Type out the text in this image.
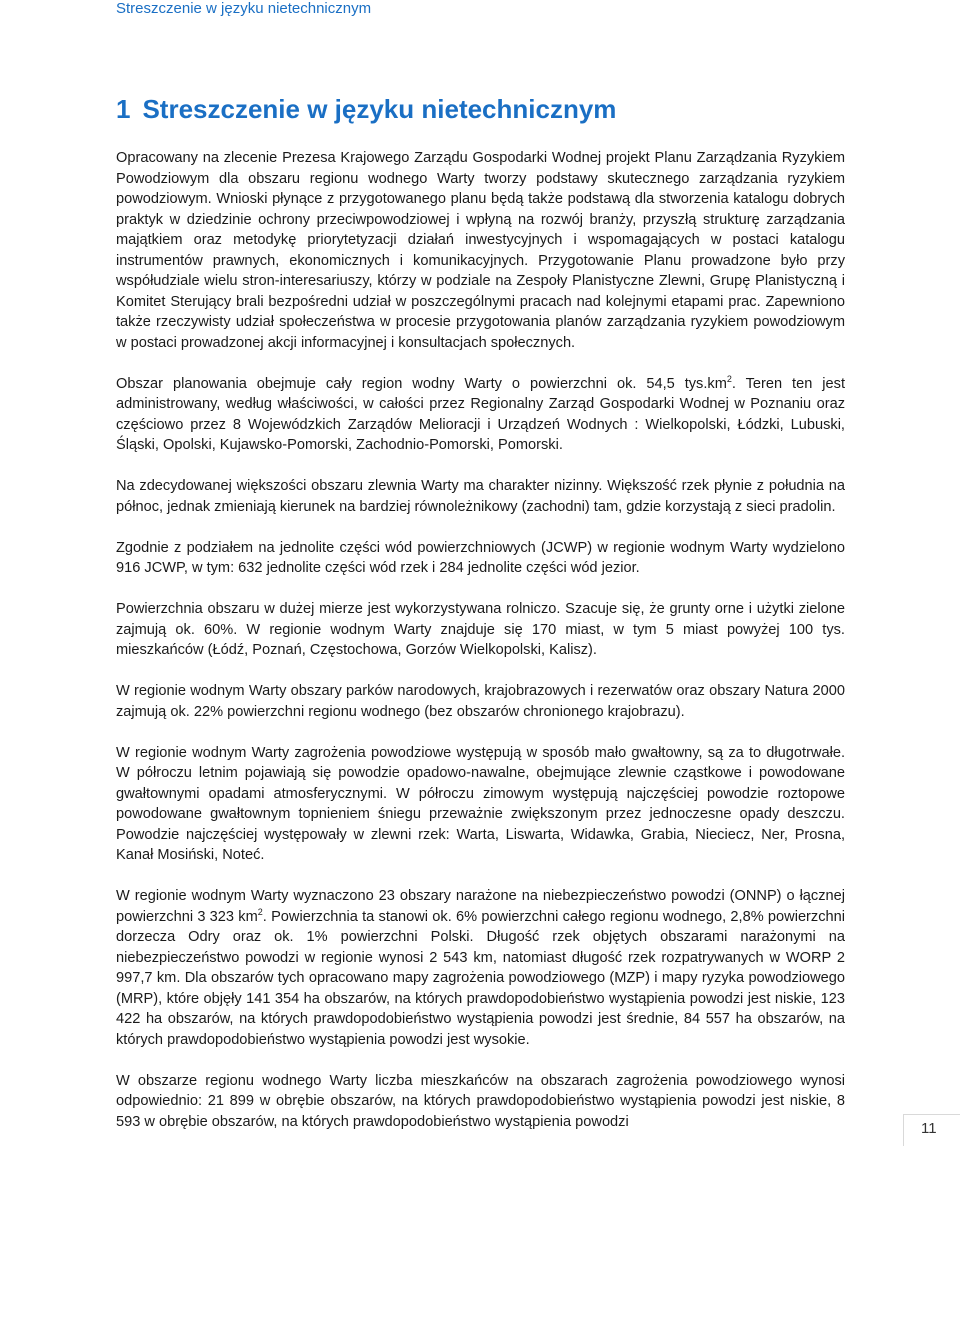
Streszczenie w języku nietechnicznym
1 Streszczenie w języku nietechnicznym

Opracowany na zlecenie Prezesa Krajowego Zarządu Gospodarki Wodnej projekt Planu Zarządzania Ryzykiem Powodziowym dla obszaru regionu wodnego Warty tworzy podstawy skutecznego zarządzania ryzykiem powodziowym. Wnioski płynące z przygotowanego planu będą także podstawą dla stworzenia katalogu dobrych praktyk w dziedzinie ochrony przeciwpowodziowej i wpłyną na rozwój branży, przyszłą strukturę zarządzania majątkiem oraz metodykę priorytetyzacji działań inwestycyjnych i wspomagających w postaci katalogu instrumentów prawnych, ekonomicznych i komunikacyjnych. Przygotowanie Planu prowadzone było przy współudziale wielu stron-interesariuszy, którzy w podziale na Zespoły Planistyczne Zlewni, Grupę Planistyczną i Komitet Sterujący brali bezpośredni udział w poszczególnymi pracach nad kolejnymi etapami prac. Zapewniono także rzeczywisty udział społeczeństwa w procesie przygotowania planów zarządzania ryzykiem powodziowym w postaci prowadzonej akcji informacyjnej i konsultacjach społecznych.

Obszar planowania obejmuje cały region wodny Warty o powierzchni ok. 54,5 $tys.km^2$. Teren ten jest administrowany, według właściwości, w całości przez Regionalny Zarząd Gospodarki Wodnej w Poznaniu oraz częściowo przez 8 Wojewódzkich Zarządów Melioracji i Urządzeń Wodnych : Wielkopolski, Łódzki, Lubuski, Śląski, Opolski, Kujawsko-Pomorski, Zachodnio-Pomorski, Pomorski.

Na zdecydowanej większości obszaru zlewnia Warty ma charakter nizinny. Większość rzek płynie z południa na północ, jednak zmieniają kierunek na bardziej równoleżnikowy (zachodni) tam, gdzie korzystają z sieci pradolin.

Zgodnie z podziałem na jednolite części wód powierzchniowych (JCWP) w regionie wodnym Warty wydzielono 916 JCWP, w tym: 632 jednolite części wód rzek i 284 jednolite części wód jezior.

Powierzchnia obszaru w dużej mierze jest wykorzystywana rolniczo. Szacuje się, że grunty orne i użytki zielone zajmują ok. 60%. W regionie wodnym Warty znajduje się 170 miast, w tym 5 miast powyżej 100 tys. mieszkańców (Łódź, Poznań, Częstochowa, Gorzów Wielkopolski, Kalisz).

W regionie wodnym Warty obszary parków narodowych, krajobrazowych i rezerwatów oraz obszary Natura 2000 zajmują ok. 22% powierzchni regionu wodnego (bez obszarów chronionego krajobrazu).

W regionie wodnym Warty zagrożenia powodziowe występują w sposób mało gwałtowny, są za to długotrwałe. W półroczu letnim pojawiają się powodzie opadowo-nawalne, obejmujące zlewnie cząstkowe i powodowane gwałtownymi opadami atmosferycznymi. W półroczu zimowym występują najczęściej powodzie roztopowe powodowane gwałtownym topnieniem śniegu przeważnie zwiększonym przez jednoczesne opady deszczu. Powodzie najczęściej występowały w zlewni rzek: Warta, Liswarta, Widawka, Grabia, Nieciecz, Ner, Prosna, Kanał Mosiński, Noteć.

W regionie wodnym Warty wyznaczono 23 obszary narażone na niebezpieczeństwo powodzi (ONNP) o łącznej powierzchni 3 323 $km^2$. Powierzchnia ta stanowi ok. 6% powierzchni całego regionu wodnego, 2,8% powierzchni dorzecza Odry oraz ok. 1% powierzchni Polski. Długość rzek objętych obszarami narażonymi na niebezpieczeństwo powodzi w regionie wynosi 2 543 km, natomiast długość rzek rozpatrywanych w WORP 2 997,7 km. Dla obszarów tych opracowano mapy zagrożenia powodziowego (MZP) i mapy ryzyka powodziowego (MRP), które objęły 141 354 ha obszarów, na których prawdopodobieństwo wystąpienia powodzi jest niskie, 123 422 ha obszarów, na których prawdopodobieństwo wystąpienia powodzi jest średnie, 84 557 ha obszarów, na których prawdopodobieństwo wystąpienia powodzi jest wysokie.

W obszarze regionu wodnego Warty liczba mieszkańców na obszarach zagrożenia powodziowego wynosi odpowiednio: 21 899 w obrębie obszarów, na których prawdopodobieństwo wystąpienia powodzi jest niskie, 8 593 w obrębie obszarów, na których prawdopodobieństwo wystąpienia powodzi	11
